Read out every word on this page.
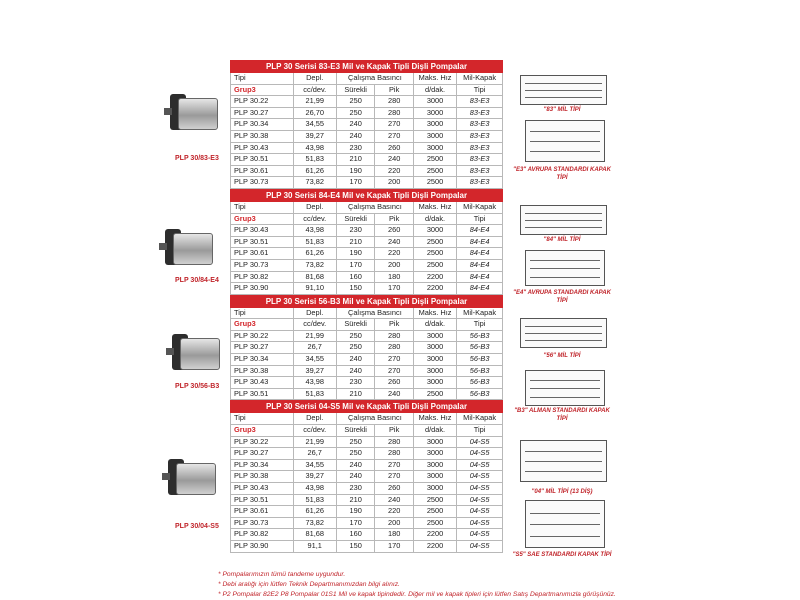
PLP 30 Serisi 83-E3 Mil ve Kapak Tipli Dişli Pompalar					
Tipi	Depl.	Çalışma Basıncı		Maks. Hız	Mil-Kapak
Grup3	cc/dev.	Sürekli	Pik	d/dak.	Tipi
PLP 30.22	21,99	250	280	3000	83-E3
PLP 30.27	26,70	250	280	3000	83-E3
PLP 30.34	34,55	240	270	3000	83-E3
PLP 30.38	39,27	240	270	3000	83-E3
PLP 30.43	43,98	230	260	3000	83-E3
PLP 30.51	51,83	210	240	2500	83-E3
PLP 30.61	61,26	190	220	2500	83-E3
PLP 30.73	73,82	170	200	2500	83-E3
PLP 30 Serisi 84-E4 Mil ve Kapak Tipli Dişli Pompalar					
Tipi	Depl.	Çalışma Basıncı		Maks. Hız	Mil-Kapak
Grup3	cc/dev.	Sürekli	Pik	d/dak.	Tipi
PLP 30.43	43,98	230	260	3000	84-E4
PLP 30.51	51,83	210	240	2500	84-E4
PLP 30.61	61,26	190	220	2500	84-E4
PLP 30.73	73,82	170	200	2500	84-E4
PLP 30.82	81,68	160	180	2200	84-E4
PLP 30.90	91,10	150	170	2200	84-E4
PLP 30 Serisi 56-B3 Mil ve Kapak Tipli Dişli Pompalar					
Tipi	Depl.	Çalışma Basıncı		Maks. Hız	Mil-Kapak
Grup3	cc/dev.	Sürekli	Pik	d/dak.	Tipi
PLP 30.22	21,99	250	280	3000	56-B3
PLP 30.27	26,7	250	280	3000	56-B3
PLP 30.34	34,55	240	270	3000	56-B3
PLP 30.38	39,27	240	270	3000	56-B3
PLP 30.43	43,98	230	260	3000	56-B3
PLP 30.51	51,83	210	240	2500	56-B3
PLP 30 Serisi 04-S5 Mil ve Kapak Tipli Dişli Pompalar					
Tipi	Depl.	Çalışma Basıncı		Maks. Hız	Mil-Kapak
Grup3	cc/dev.	Sürekli	Pik	d/dak.	Tipi
PLP 30.22	21,99	250	280	3000	04-S5
PLP 30.27	26,7	250	280	3000	04-S5
PLP 30.34	34,55	240	270	3000	04-S5
PLP 30.38	39,27	240	270	3000	04-S5
PLP 30.43	43,98	230	260	3000	04-S5
PLP 30.51	51,83	210	240	2500	04-S5
PLP 30.61	61,26	190	220	2500	04-S5
PLP 30.73	73,82	170	200	2500	04-S5
PLP 30.82	81,68	160	180	2200	04-S5
PLP 30.90	91,1	150	170	2200	04-S5
PLP 30/83-E3
PLP 30/84-E4
PLP 30/56-B3
PLP 30/04-S5
"83" MİL TİPİ
"E3" AVRUPA STANDARDI KAPAK TİPİ
"84" MİL TİPİ
"E4" AVRUPA STANDARDI KAPAK TİPİ
"56" MİL TİPİ
"B3" ALMAN STANDARDI KAPAK TİPİ
"04" MİL TİPİ (13 DİŞ)
"S5" SAE STANDARDI KAPAK TİPİ
* Pompalarımızın tümü tandeme uygundur.
* Debi aralığı için lütfen Teknik Departmanımızdan bilgi alınız.
* P2 Pompalar 82E2 P8 Pompalar 01S1 Mil ve kapak tipindedir. Diğer mil ve kapak tipleri için lütfen Satış Departmanımızla görüşünüz.
